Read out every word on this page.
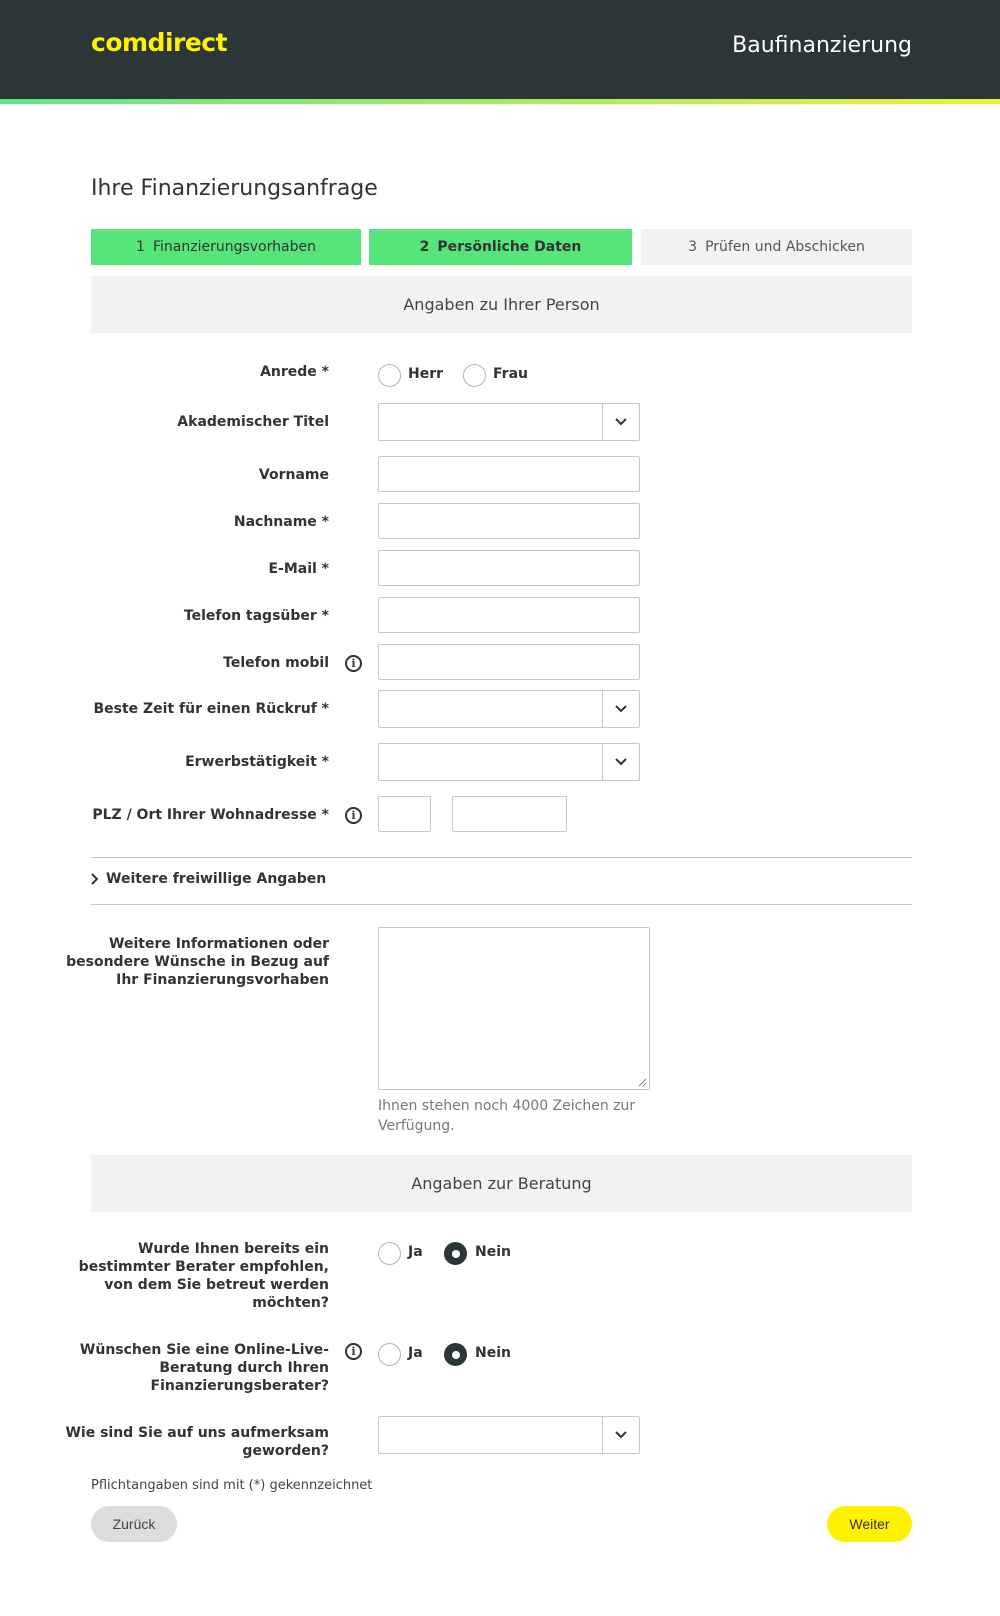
comdirect	Baufinanzierung
Ihre Finanzierungsanfrage
1 Finanzierungsvorhaben	2 Persönliche Daten	3 Prüfen und Abschicken
Angaben zu Ihrer Person
Anrede *	Herr	Frau
Akademischer Titel
Vorname
Nachname *
E-Mail *
Telefon tagsüber *
Telefon mobil	i
Beste Zeit für einen Rückruf *
Erwerbstätigkeit *
PLZ / Ort Ihrer Wohnadresse *	i
Weitere freiwillige Angaben
Weitere Informationen oder
besondere Wünsche in Bezug auf
Ihr Finanzierungsvorhaben
Ihnen stehen noch 4000 Zeichen zur Verfügung.
Angaben zur Beratung
Wurde Ihnen bereits ein
bestimmter Berater empfohlen,
von dem Sie betreut werden
möchten?
Ja	Nein
Wünschen Sie eine Online-Live-
Beratung durch Ihren
Finanzierungsberater?
i	Ja	Nein
Wie sind Sie auf uns aufmerksam
geworden?
Pflichtangaben sind mit (*) gekennzeichnet
Zurück	Weiter
